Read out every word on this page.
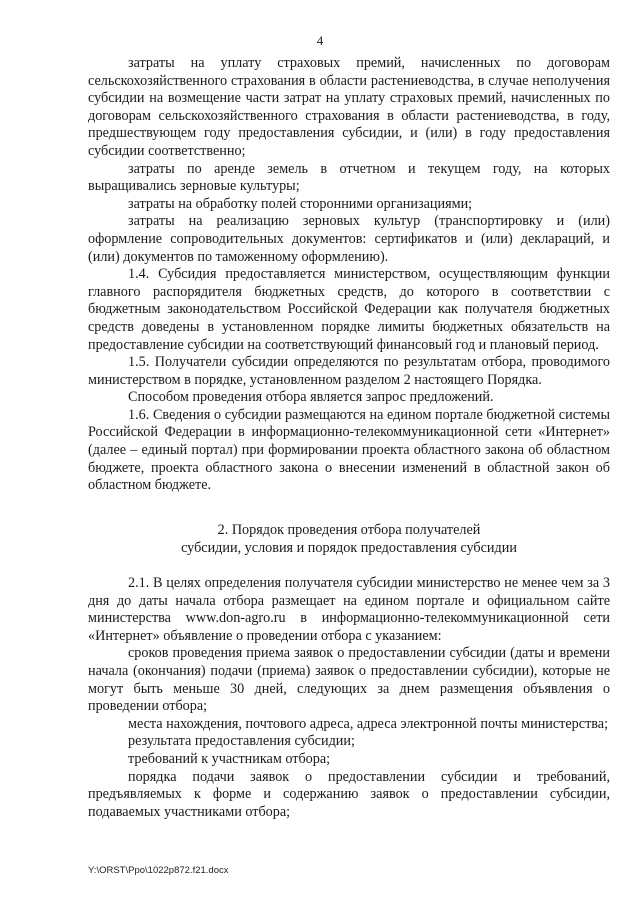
4

затраты на уплату страховых премий, начисленных по договорам сельскохозяйственного страхования в области растениеводства, в случае неполучения субсидии на возмещение части затрат на уплату страховых премий, начисленных по договорам сельскохозяйственного страхования в области растениеводства, в году, предшествующем году предоставления субсидии, и (или) в году предоставления субсидии соответственно;

затраты по аренде земель в отчетном и текущем году, на которых выращивались зерновые культуры;

затраты на обработку полей сторонними организациями;

затраты на реализацию зерновых культур (транспортировку и (или) оформление сопроводительных документов: сертификатов и (или) деклараций, и (или) документов по таможенному оформлению).

1.4. Субсидия предоставляется министерством, осуществляющим функции главного распорядителя бюджетных средств, до которого в соответствии с бюджетным законодательством Российской Федерации как получателя бюджетных средств доведены в установленном порядке лимиты бюджетных обязательств на предоставление субсидии на соответствующий финансовый год и плановый период.

1.5. Получатели субсидии определяются по результатам отбора, проводимого министерством в порядке, установленном разделом 2 настоящего Порядка.

Способом проведения отбора является запрос предложений.

1.6. Сведения о субсидии размещаются на едином портале бюджетной системы Российской Федерации в информационно-телекоммуникационной сети «Интернет» (далее – единый портал) при формировании проекта областного закона об областном бюджете, проекта областного закона о внесении изменений в областной закон об областном бюджете.

2. Порядок проведения отбора получателей
субсидии, условия и порядок предоставления субсидии

2.1. В целях определения получателя субсидии министерство не менее чем за 3 дня до даты начала отбора размещает на едином портале и официальном сайте министерства www.don-agro.ru в информационно-телекоммуникационной сети «Интернет» объявление о проведении отбора с указанием:

сроков проведения приема заявок о предоставлении субсидии (даты и времени начала (окончания) подачи (приема) заявок о предоставлении субсидии), которые не могут быть меньше 30 дней, следующих за днем размещения объявления о проведении отбора;

места нахождения, почтового адреса, адреса электронной почты министерства;

результата предоставления субсидии;

требований к участникам отбора;

порядка подачи заявок о предоставлении субсидии и требований, предъявляемых к форме и содержанию заявок о предоставлении субсидии, подаваемых участниками отбора;

Y:\ORST\Ppo\1022p872.f21.docx
